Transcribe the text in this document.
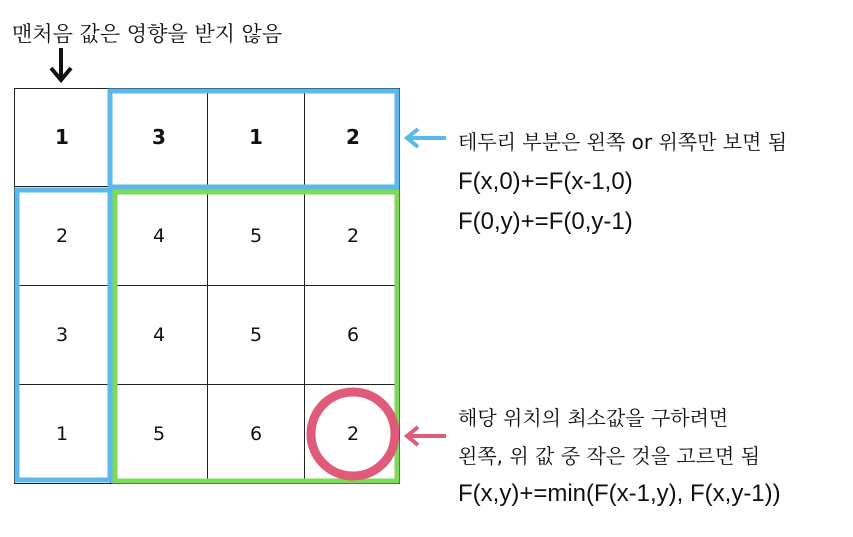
맨처음 값은 영향을 받지 않음
1	3	1	2
2	4	5	2
3	4	5	6
1	5	6	2
테두리 부분은 왼쪽 or 위쪽만 보면 됨
F(x,0)+=F(x-1,0)
F(0,y)+=F(0,y-1)
해당 위치의 최소값을 구하려면
왼쪽, 위 값 중 작은 것을 고르면 됨
F(x,y)+=min(F(x-1,y), F(x,y-1))
